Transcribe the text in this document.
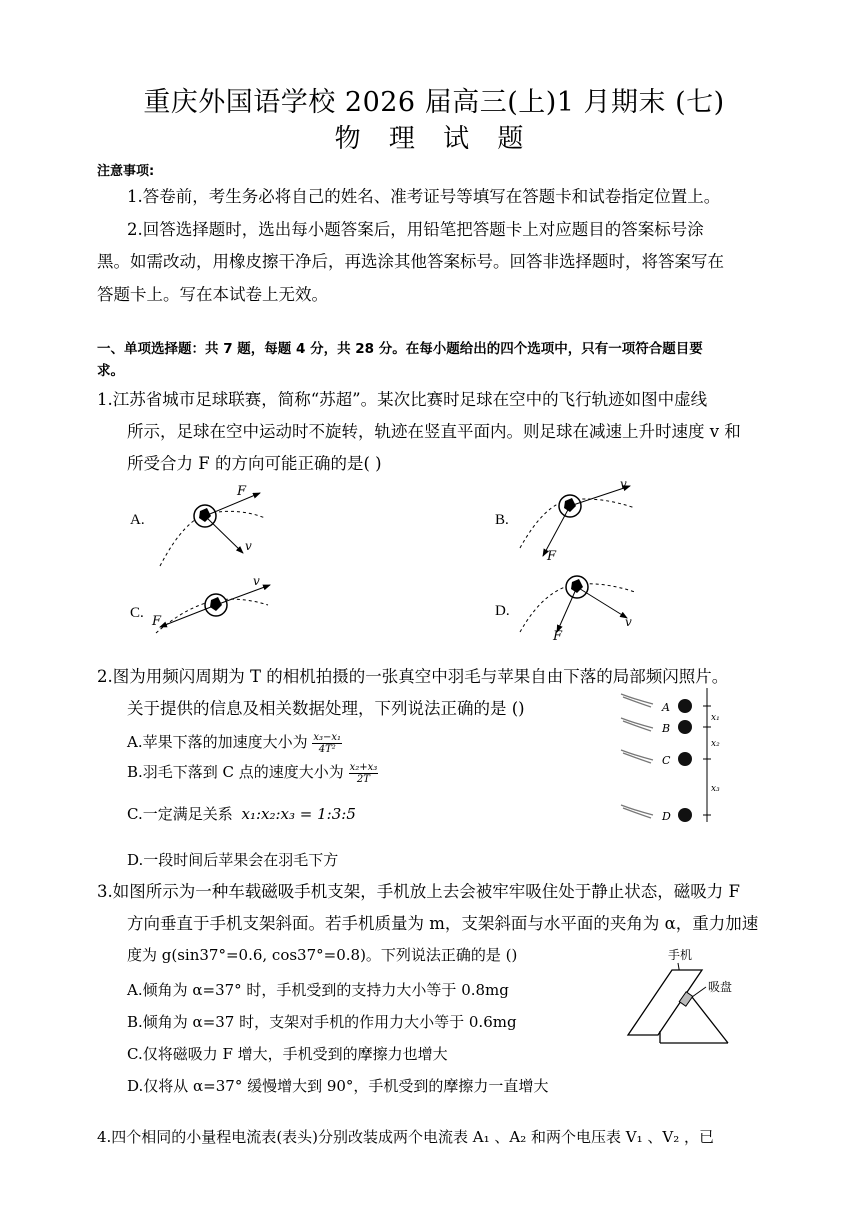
重庆外国语学校 2026 届高三(上)1 月期末 (七)
物 理 试 题
注意事项:
1.答卷前，考生务必将自己的姓名、准考证号等填写在答题卡和试卷指定位置上。
2.回答选择题时，选出每小题答案后，用铅笔把答题卡上对应题目的答案标号涂
黑。如需改动，用橡皮擦干净后，再选涂其他答案标号。回答非选择题时，将答案写在
答题卡上。写在本试卷上无效。
一、单项选择题：共 7 题，每题 4 分，共 28 分。在每小题给出的四个选项中，只有一项符合题目要
求。
1.江苏省城市足球联赛，简称“苏超”。某次比赛时足球在空中的飞行轨迹如图中虚线
所示，足球在空中运动时不旋转，轨迹在竖直平面内。则足球在减速上升时速度 v 和
所受合力 F 的方向可能正确的是( )
A.
F
v
B.
v
F
C.
v
F
D.
F
v
2.图为用频闪周期为 T 的相机拍摄的一张真空中羽毛与苹果自由下落的局部频闪照片。
关于提供的信息及相关数据处理，下列说法正确的是 ()
A.苹果下落的加速度大小为 $\frac{\text{x₃−x₁}}{\text{4T²}}$
B.羽毛下落到 C 点的速度大小为 $\frac{\text{x₂+x₃}}{2T}$
C.一定满足关系 x₁:x₂:x₃ = 1:3:5
D.一段时间后苹果会在羽毛下方
A
B
C
D
x₁
x₂
x₃
3.如图所示为一种车载磁吸手机支架，手机放上去会被牢牢吸住处于静止状态，磁吸力 F
方向垂直于手机支架斜面。若手机质量为 m，支架斜面与水平面的夹角为 α，重力加速
度为 g(sin37°=0.6, cos37°=0.8)。下列说法正确的是 ()
A.倾角为 α=37° 时，手机受到的支持力大小等于 0.8mg
B.倾角为 α=37 时，支架对手机的作用力大小等于 0.6mg
C.仅将磁吸力 F 增大，手机受到的摩擦力也增大
D.仅将从 α=37° 缓慢增大到 90°，手机受到的摩擦力一直增大
手机
吸盘
4.四个相同的小量程电流表(表头)分别改装成两个电流表 A₁ 、A₂ 和两个电压表 V₁ 、V₂ ，已
